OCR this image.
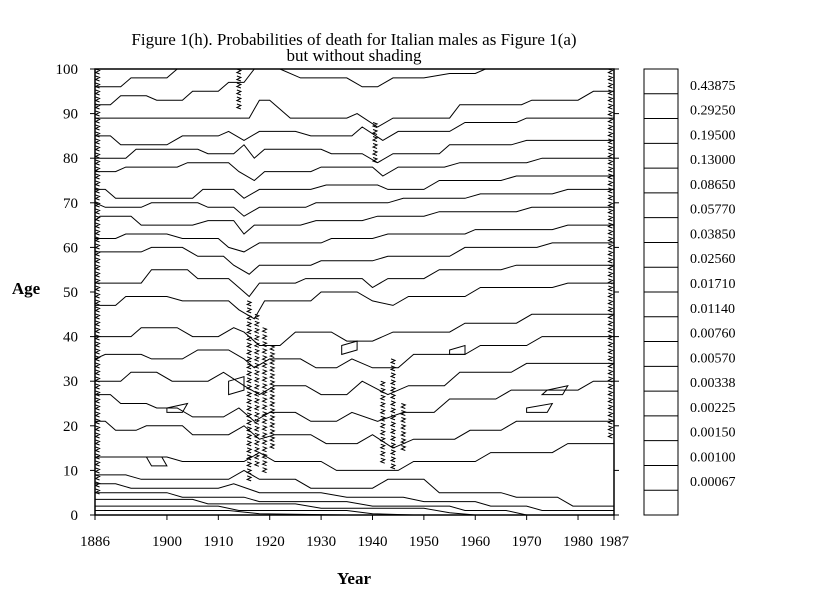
Figure 1(h). Probabilities of death for Italian males as Figure 1(a)
but without shading
1886	1900 1910 1920 1930 1940 1950 1960 1970 1980 1987
0
10
20
30
40
50
60
70
80
90
100
Year
Age
0.43875
0.29250
0.19500
0.13000
0.08650
0.05770
0.03850
0.02560
0.01710
0.01140
0.00760
0.00570
0.00338
0.00225
0.00150
0.00100
0.00067
